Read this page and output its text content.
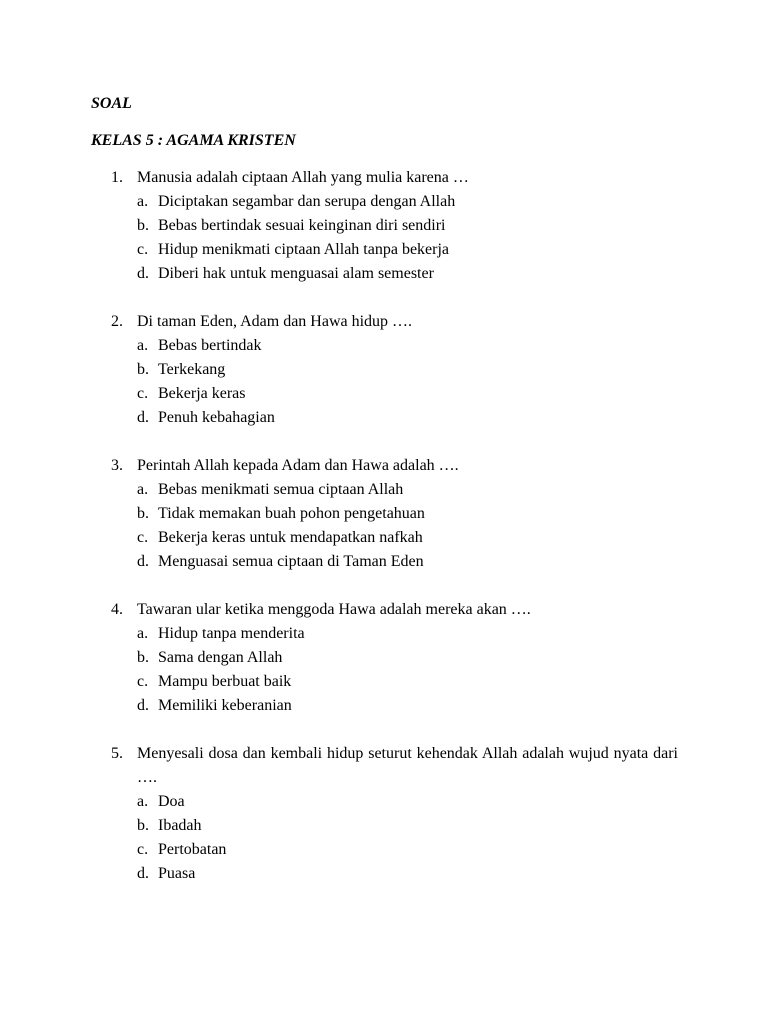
SOAL

KELAS 5 : AGAMA KRISTEN

1. Manusia adalah ciptaan Allah yang mulia karena …
a. Diciptakan segambar dan serupa dengan Allah
b. Bebas bertindak sesuai keinginan diri sendiri
c. Hidup menikmati ciptaan Allah tanpa bekerja
d. Diberi hak untuk menguasai alam semester
2. Di taman Eden, Adam dan Hawa hidup ….
a. Bebas bertindak
b. Terkekang
c. Bekerja keras
d. Penuh kebahagian
3. Perintah Allah kepada Adam dan Hawa adalah ….
a. Bebas menikmati semua ciptaan Allah
b. Tidak memakan buah pohon pengetahuan
c. Bekerja keras untuk mendapatkan nafkah
d. Menguasai semua ciptaan di Taman Eden
4. Tawaran ular ketika menggoda Hawa adalah mereka akan ….
a. Hidup tanpa menderita
b. Sama dengan Allah
c. Mampu berbuat baik
d. Memiliki keberanian
5. Menyesali dosa dan kembali hidup seturut kehendak Allah adalah wujud nyata dari ….
a. Doa
b. Ibadah
c. Pertobatan
d. Puasa
